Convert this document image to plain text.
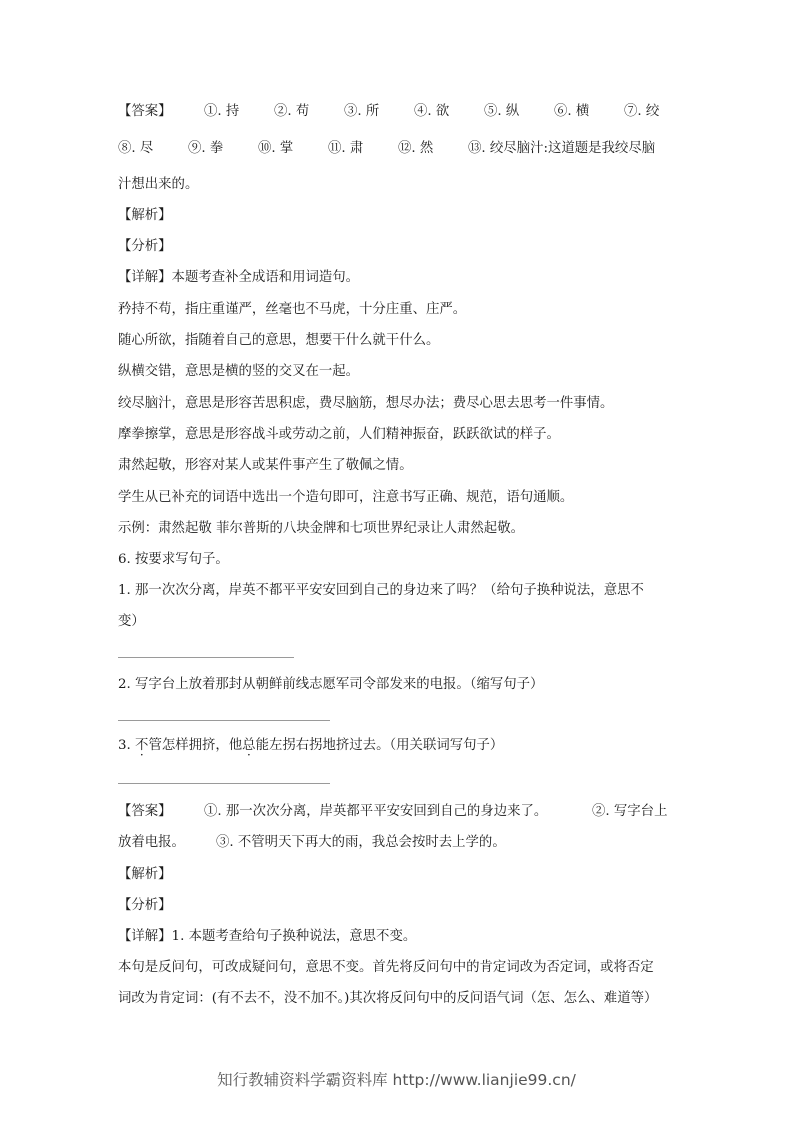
【答案】 ①. 持	②. 苟	③. 所	④. 欲	⑤. 纵	⑥. 横	⑦. 绞
⑧. 尽	⑨. 拳	⑩. 掌	⑪. 肃	⑫. 然	⑬. 绞尽脑汁:这道题是我绞尽脑
汁想出来的。
【解析】
【分析】
【详解】本题考查补全成语和用词造句。
矜持不苟，指庄重谨严，丝毫也不马虎，十分庄重、庄严。
随心所欲，指随着自己的意思，想要干什么就干什么。
纵横交错，意思是横的竖的交叉在一起。
绞尽脑汁，意思是形容苦思积虑，费尽脑筋，想尽办法；费尽心思去思考一件事情。
摩拳擦掌，意思是形容战斗或劳动之前，人们精神振奋，跃跃欲试的样子。
肃然起敬，形容对某人或某件事产生了敬佩之情。
学生从已补充的词语中选出一个造句即可，注意书写正确、规范，语句通顺。
示例：肃然起敬 菲尔普斯的八块金牌和七项世界纪录让人肃然起敬。
6. 按要求写句子。
1. 那一次次分离，岸英不都平平安安回到自己的身边来了吗？（给句子换种说法，意思不
变）
2. 写字台上放着那封从朝鲜前线志愿军司令部发来的电报。（缩写句子）
3. 不管怎样拥挤，他总能左拐右拐地挤过去。（用关联词写句子）
【答案】 ①. 那一次次分离，岸英都平平安安回到自己的身边来了。	②. 写字台上
放着电报。 ③. 不管明天下再大的雨，我总会按时去上学的。
【解析】
【分析】
【详解】1. 本题考查给句子换种说法，意思不变。
本句是反问句，可改成疑问句，意思不变。首先将反问句中的肯定词改为否定词，或将否定
词改为肯定词：(有不去不，没不加不。)其次将反问句中的反问语气词（怎、怎么、难道等）
知行教辅资料学霸资料库 http://www.lianjie99.cn/
